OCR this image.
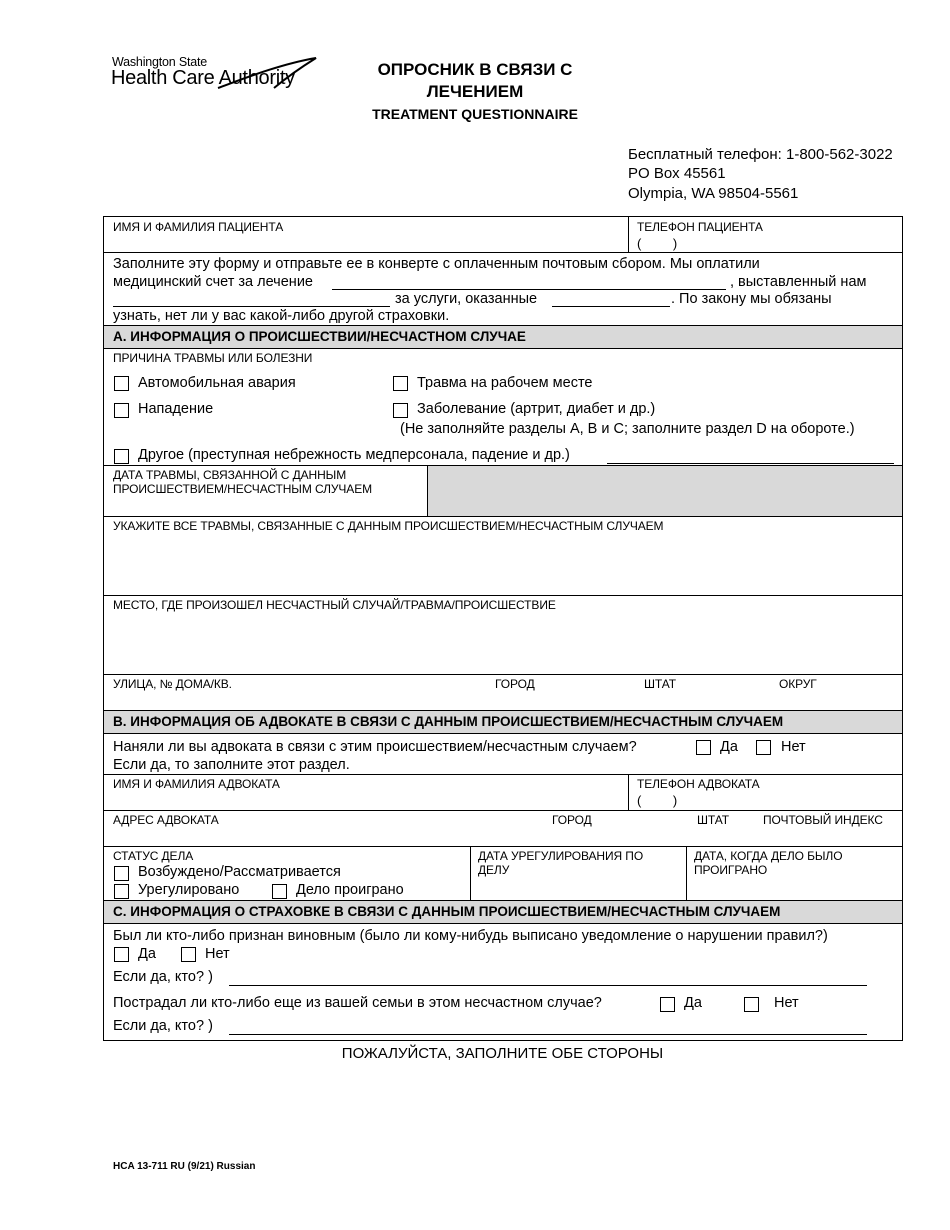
Washington State
Health Care Authority	ОПРОСНИК В СВЯЗИ С
ЛЕЧЕНИЕМ
TREATMENT QUESTIONNAIRE
Бесплатный телефон: 1-800-562-3022
PO Box 45561
Olympia, WA 98504-5561
ИМЯ И ФАМИЛИЯ ПАЦИЕНТА	ТЕЛЕФОН ПАЦИЕНТА
(         )
Заполните эту форму и отправьте ее в конверте с оплаченным почтовым сбором. Мы оплатили
медицинский счет за лечение	, выставленный нам
за услуги, оказанные	. По закону мы обязаны
узнать, нет ли у вас какой-либо другой страховки.
A. ИНФОРМАЦИЯ О ПРОИСШЕСТВИИ/НЕСЧАСТНОМ СЛУЧАЕ
ПРИЧИНА ТРАВМЫ ИЛИ БОЛЕЗНИ
Автомобильная авария	Травма на рабочем месте
Нападение	Заболевание (артрит, диабет и др.)
(Не заполняйте разделы А, В и С; заполните раздел D на обороте.)
Другое (преступная небрежность медперсонала, падение и др.)
ДАТА ТРАВМЫ, СВЯЗАННОЙ С ДАННЫМ
ПРОИСШЕСТВИЕМ/НЕСЧАСТНЫМ СЛУЧАЕМ
УКАЖИТЕ ВСЕ ТРАВМЫ, СВЯЗАННЫЕ С ДАННЫМ ПРОИСШЕСТВИЕМ/НЕСЧАСТНЫМ СЛУЧАЕМ
МЕСТО, ГДЕ ПРОИЗОШЕЛ НЕСЧАСТНЫЙ СЛУЧАЙ/ТРАВМА/ПРОИСШЕСТВИЕ
УЛИЦА, № ДОМА/КВ.	ГОРОД	ШТАТ	ОКРУГ
B. ИНФОРМАЦИЯ ОБ АДВОКАТЕ В СВЯЗИ С ДАННЫМ ПРОИСШЕСТВИЕМ/НЕСЧАСТНЫМ СЛУЧАЕМ
Наняли ли вы адвоката в связи с этим происшествием/несчастным случаем?	Да	Нет
Если да, то заполните этот раздел.
ИМЯ И ФАМИЛИЯ АДВОКАТА	ТЕЛЕФОН АДВОКАТА
(         )
АДРЕС АДВОКАТА	ГОРОД	ШТАТ	ПОЧТОВЫЙ ИНДЕКС
СТАТУС ДЕЛА
Возбуждено/Рассматривается
Урегулировано	Дело проиграно
ДАТА УРЕГУЛИРОВАНИЯ ПО
ДЕЛУ
ДАТА, КОГДА ДЕЛО БЫЛО
ПРОИГРАНО
C. ИНФОРМАЦИЯ О СТРАХОВКЕ В СВЯЗИ С ДАННЫМ ПРОИСШЕСТВИЕМ/НЕСЧАСТНЫМ СЛУЧАЕМ
Был ли кто-либо признан виновным (было ли кому-нибудь выписано уведомление о нарушении правил?)
Да	Нет
Если да, кто? )
Пострадал ли кто-либо еще из вашей семьи в этом несчастном случае?	Да	Нет
Если да, кто? )
ПОЖАЛУЙСТА, ЗАПОЛНИТЕ ОБЕ СТОРОНЫ
HCA 13-711 RU (9/21) Russian
